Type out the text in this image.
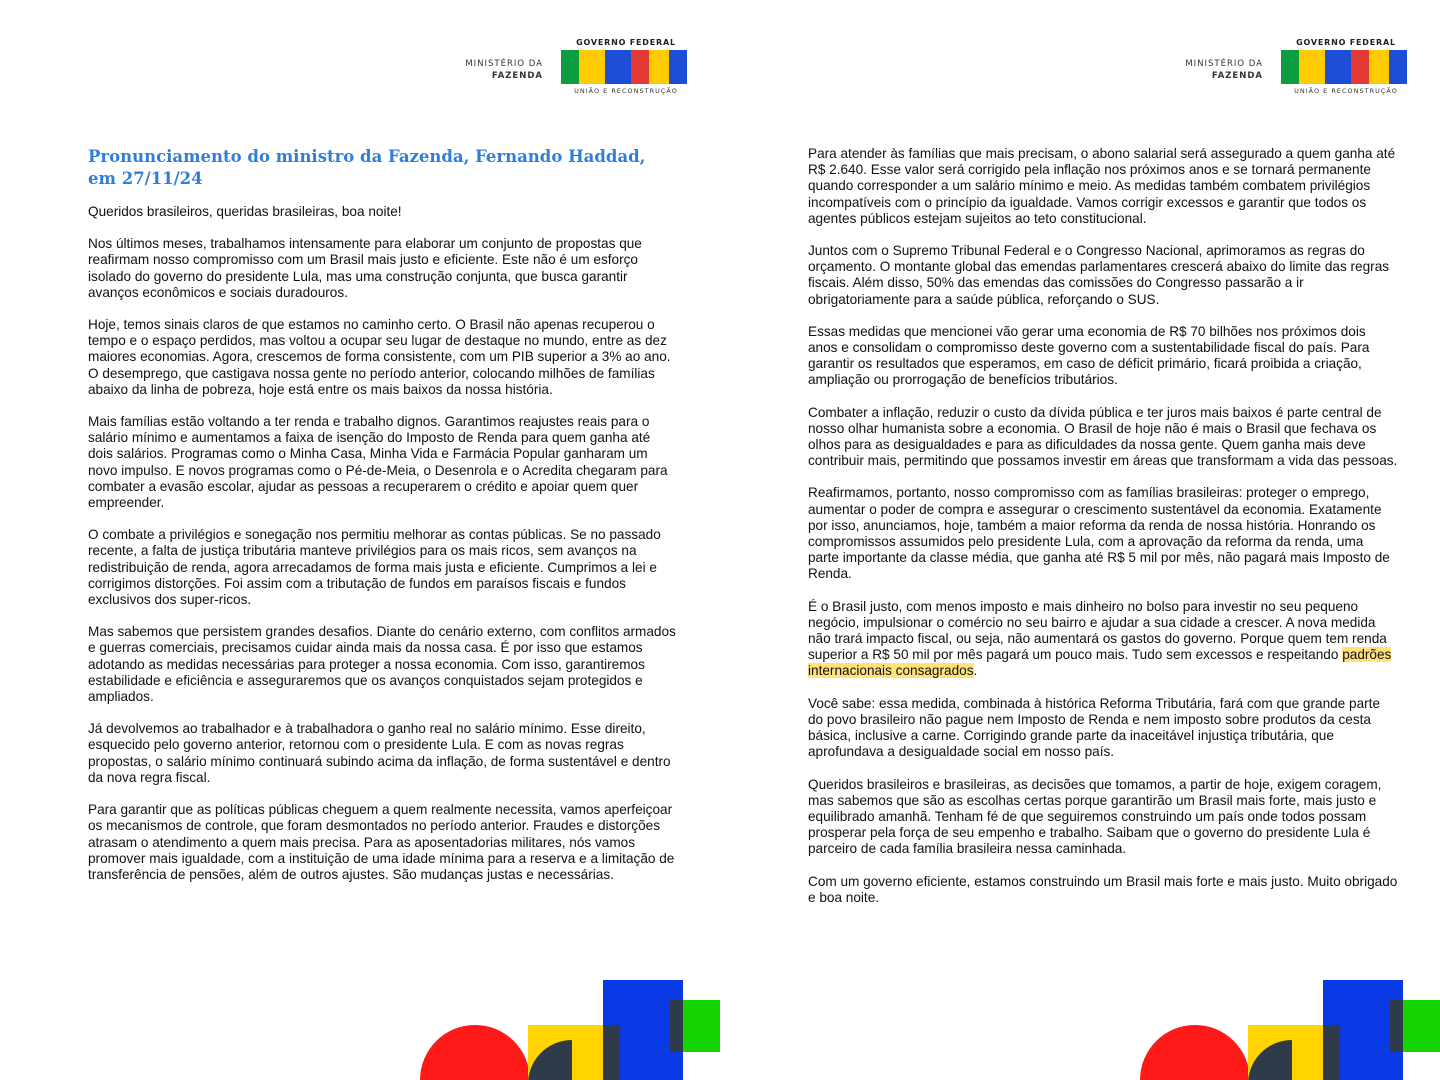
MINISTÉRIO DA
FAZENDA
GOVERNO FEDERAL
UNIÃO E RECONSTRUÇÃO
Pronunciamento do ministro da Fazenda, Fernando Haddad,
em 27/11/24

Queridos brasileiros, queridas brasileiras, boa noite!

Nos últimos meses, trabalhamos intensamente para elaborar um conjunto de propostas que reafirmam nosso compromisso com um Brasil mais justo e eficiente. Este não é um esforço isolado do governo do presidente Lula, mas uma construção conjunta, que busca garantir avanços econômicos e sociais duradouros.

Hoje, temos sinais claros de que estamos no caminho certo. O Brasil não apenas recuperou o tempo e o espaço perdidos, mas voltou a ocupar seu lugar de destaque no mundo, entre as dez maiores economias. Agora, crescemos de forma consistente, com um PIB superior a 3% ao ano. O desemprego, que castigava nossa gente no período anterior, colocando milhões de famílias abaixo da linha de pobreza, hoje está entre os mais baixos da nossa história.

Mais famílias estão voltando a ter renda e trabalho dignos. Garantimos reajustes reais para o salário mínimo e aumentamos a faixa de isenção do Imposto de Renda para quem ganha até dois salários. Programas como o Minha Casa, Minha Vida e Farmácia Popular ganharam um novo impulso. E novos programas como o Pé-de-Meia, o Desenrola e o Acredita chegaram para combater a evasão escolar, ajudar as pessoas a recuperarem o crédito e apoiar quem quer empreender.

O combate a privilégios e sonegação nos permitiu melhorar as contas públicas. Se no passado recente, a falta de justiça tributária manteve privilégios para os mais ricos, sem avanços na redistribuição de renda, agora arrecadamos de forma mais justa e eficiente. Cumprimos a lei e corrigimos distorções. Foi assim com a tributação de fundos em paraísos fiscais e fundos exclusivos dos super-ricos.

Mas sabemos que persistem grandes desafios. Diante do cenário externo, com conflitos armados e guerras comerciais, precisamos cuidar ainda mais da nossa casa. É por isso que estamos adotando as medidas necessárias para proteger a nossa economia. Com isso, garantiremos estabilidade e eficiência e asseguraremos que os avanços conquistados sejam protegidos e ampliados.

Já devolvemos ao trabalhador e à trabalhadora o ganho real no salário mínimo. Esse direito, esquecido pelo governo anterior, retornou com o presidente Lula. E com as novas regras propostas, o salário mínimo continuará subindo acima da inflação, de forma sustentável e dentro da nova regra fiscal.

Para garantir que as políticas públicas cheguem a quem realmente necessita, vamos aperfeiçoar os mecanismos de controle, que foram desmontados no período anterior. Fraudes e distorções atrasam o atendimento a quem mais precisa. Para as aposentadorias militares, nós vamos promover mais igualdade, com a instituição de uma idade mínima para a reserva e a limitação de transferência de pensões, além de outros ajustes. São mudanças justas e necessárias.

MINISTÉRIO DA
FAZENDA
GOVERNO FEDERAL
UNIÃO E RECONSTRUÇÃO

Para atender às famílias que mais precisam, o abono salarial será assegurado a quem ganha até R$ 2.640. Esse valor será corrigido pela inflação nos próximos anos e se tornará permanente quando corresponder a um salário mínimo e meio. As medidas também combatem privilégios incompatíveis com o princípio da igualdade. Vamos corrigir excessos e garantir que todos os agentes públicos estejam sujeitos ao teto constitucional.

Juntos com o Supremo Tribunal Federal e o Congresso Nacional, aprimoramos as regras do orçamento. O montante global das emendas parlamentares crescerá abaixo do limite das regras fiscais. Além disso, 50% das emendas das comissões do Congresso passarão a ir obrigatoriamente para a saúde pública, reforçando o SUS.

Essas medidas que mencionei vão gerar uma economia de R$ 70 bilhões nos próximos dois anos e consolidam o compromisso deste governo com a sustentabilidade fiscal do país. Para garantir os resultados que esperamos, em caso de déficit primário, ficará proibida a criação, ampliação ou prorrogação de benefícios tributários.

Combater a inflação, reduzir o custo da dívida pública e ter juros mais baixos é parte central de nosso olhar humanista sobre a economia. O Brasil de hoje não é mais o Brasil que fechava os olhos para as desigualdades e para as dificuldades da nossa gente. Quem ganha mais deve contribuir mais, permitindo que possamos investir em áreas que transformam a vida das pessoas.

Reafirmamos, portanto, nosso compromisso com as famílias brasileiras: proteger o emprego, aumentar o poder de compra e assegurar o crescimento sustentável da economia. Exatamente por isso, anunciamos, hoje, também a maior reforma da renda de nossa história. Honrando os compromissos assumidos pelo presidente Lula, com a aprovação da reforma da renda, uma parte importante da classe média, que ganha até R$ 5 mil por mês, não pagará mais Imposto de Renda.

É o Brasil justo, com menos imposto e mais dinheiro no bolso para investir no seu pequeno negócio, impulsionar o comércio no seu bairro e ajudar a sua cidade a crescer. A nova medida não trará impacto fiscal, ou seja, não aumentará os gastos do governo. Porque quem tem renda superior a R$ 50 mil por mês pagará um pouco mais. Tudo sem excessos e respeitando padrões internacionais consagrados.

Você sabe: essa medida, combinada à histórica Reforma Tributária, fará com que grande parte do povo brasileiro não pague nem Imposto de Renda e nem imposto sobre produtos da cesta básica, inclusive a carne. Corrigindo grande parte da inaceitável injustiça tributária, que aprofundava a desigualdade social em nosso país.

Queridos brasileiros e brasileiras, as decisões que tomamos, a partir de hoje, exigem coragem, mas sabemos que são as escolhas certas porque garantirão um Brasil mais forte, mais justo e equilibrado amanhã. Tenham fé de que seguiremos construindo um país onde todos possam prosperar pela força de seu empenho e trabalho. Saibam que o governo do presidente Lula é parceiro de cada família brasileira nessa caminhada.

Com um governo eficiente, estamos construindo um Brasil mais forte e mais justo. Muito obrigado e boa noite.
